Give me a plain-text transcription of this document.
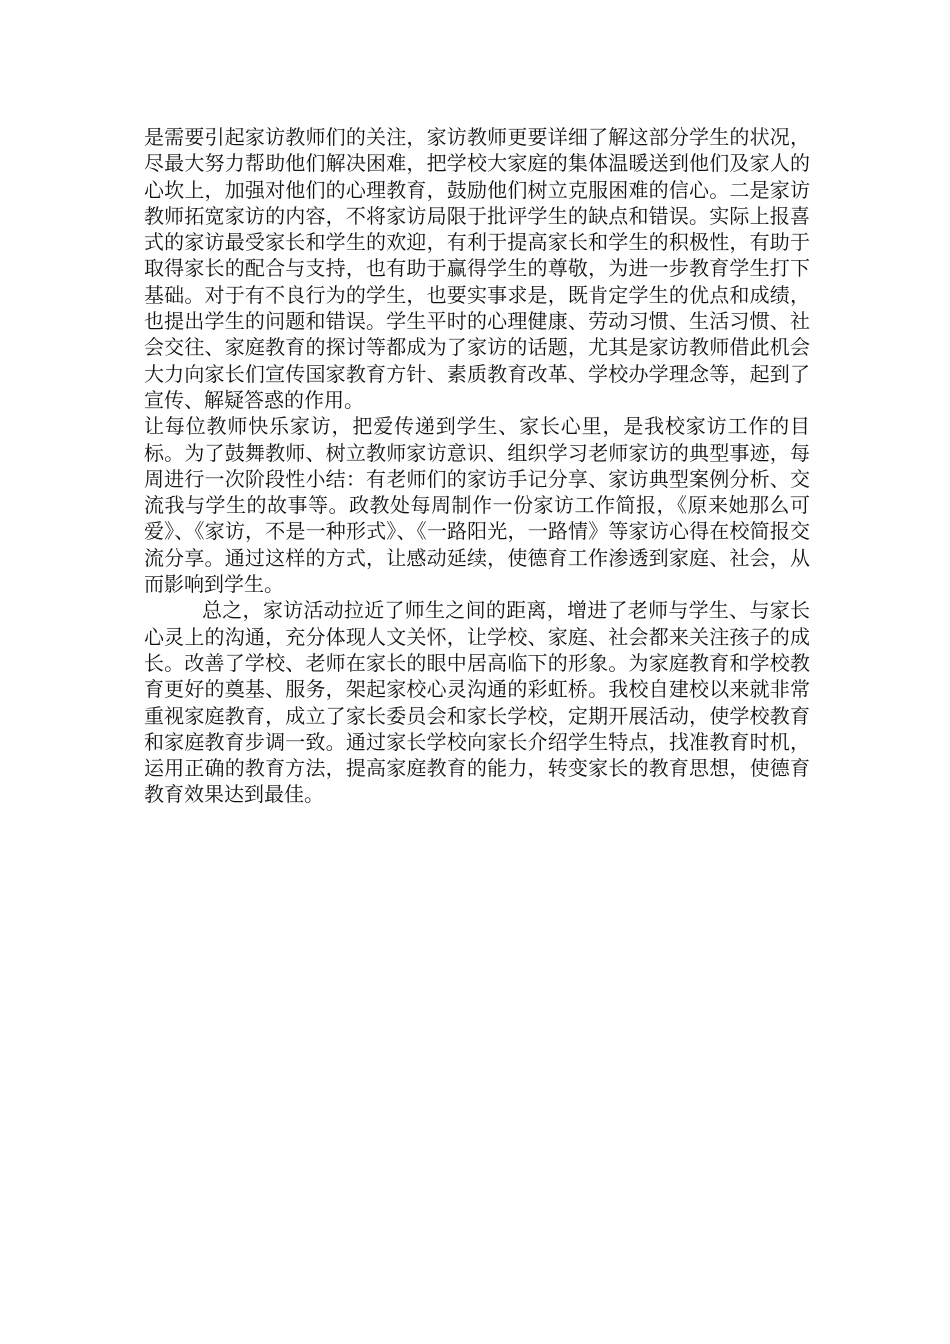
是需要引起家访教师们的关注，家访教师更要详细了解这部分学生的状况，尽最大努力帮助他们解决困难，把学校大家庭的集体温暖送到他们及家人的心坎上，加强对他们的心理教育，鼓励他们树立克服困难的信心。二是家访教师拓宽家访的内容，不将家访局限于批评学生的缺点和错误。实际上报喜式的家访最受家长和学生的欢迎，有利于提高家长和学生的积极性，有助于取得家长的配合与支持，也有助于赢得学生的尊敬，为进一步教育学生打下基础。对于有不良行为的学生，也要实事求是，既肯定学生的优点和成绩，也提出学生的问题和错误。学生平时的心理健康、劳动习惯、生活习惯、社会交往、家庭教育的探讨等都成为了家访的话题，尤其是家访教师借此机会大力向家长们宣传国家教育方针、素质教育改革、学校办学理念等，起到了宣传、解疑答惑的作用。

让每位教师快乐家访，把爱传递到学生、家长心里，是我校家访工作的目标。为了鼓舞教师、树立教师家访意识、组织学习老师家访的典型事迹，每周进行一次阶段性小结：有老师们的家访手记分享、家访典型案例分析、交流我与学生的故事等。政教处每周制作一份家访工作简报，《原来她那么可爱》、《家访，不是一种形式》、《一路阳光，一路情》等家访心得在校简报交流分享。通过这样的方式，让感动延续，使德育工作渗透到家庭、社会，从而影响到学生。

总之，家访活动拉近了师生之间的距离，增进了老师与学生、与家长心灵上的沟通，充分体现人文关怀，让学校、家庭、社会都来关注孩子的成长。改善了学校、老师在家长的眼中居高临下的形象。为家庭教育和学校教育更好的奠基、服务，架起家校心灵沟通的彩虹桥。我校自建校以来就非常重视家庭教育，成立了家长委员会和家长学校，定期开展活动，使学校教育和家庭教育步调一致。通过家长学校向家长介绍学生特点，找准教育时机，运用正确的教育方法，提高家庭教育的能力，转变家长的教育思想，使德育教育效果达到最佳。
